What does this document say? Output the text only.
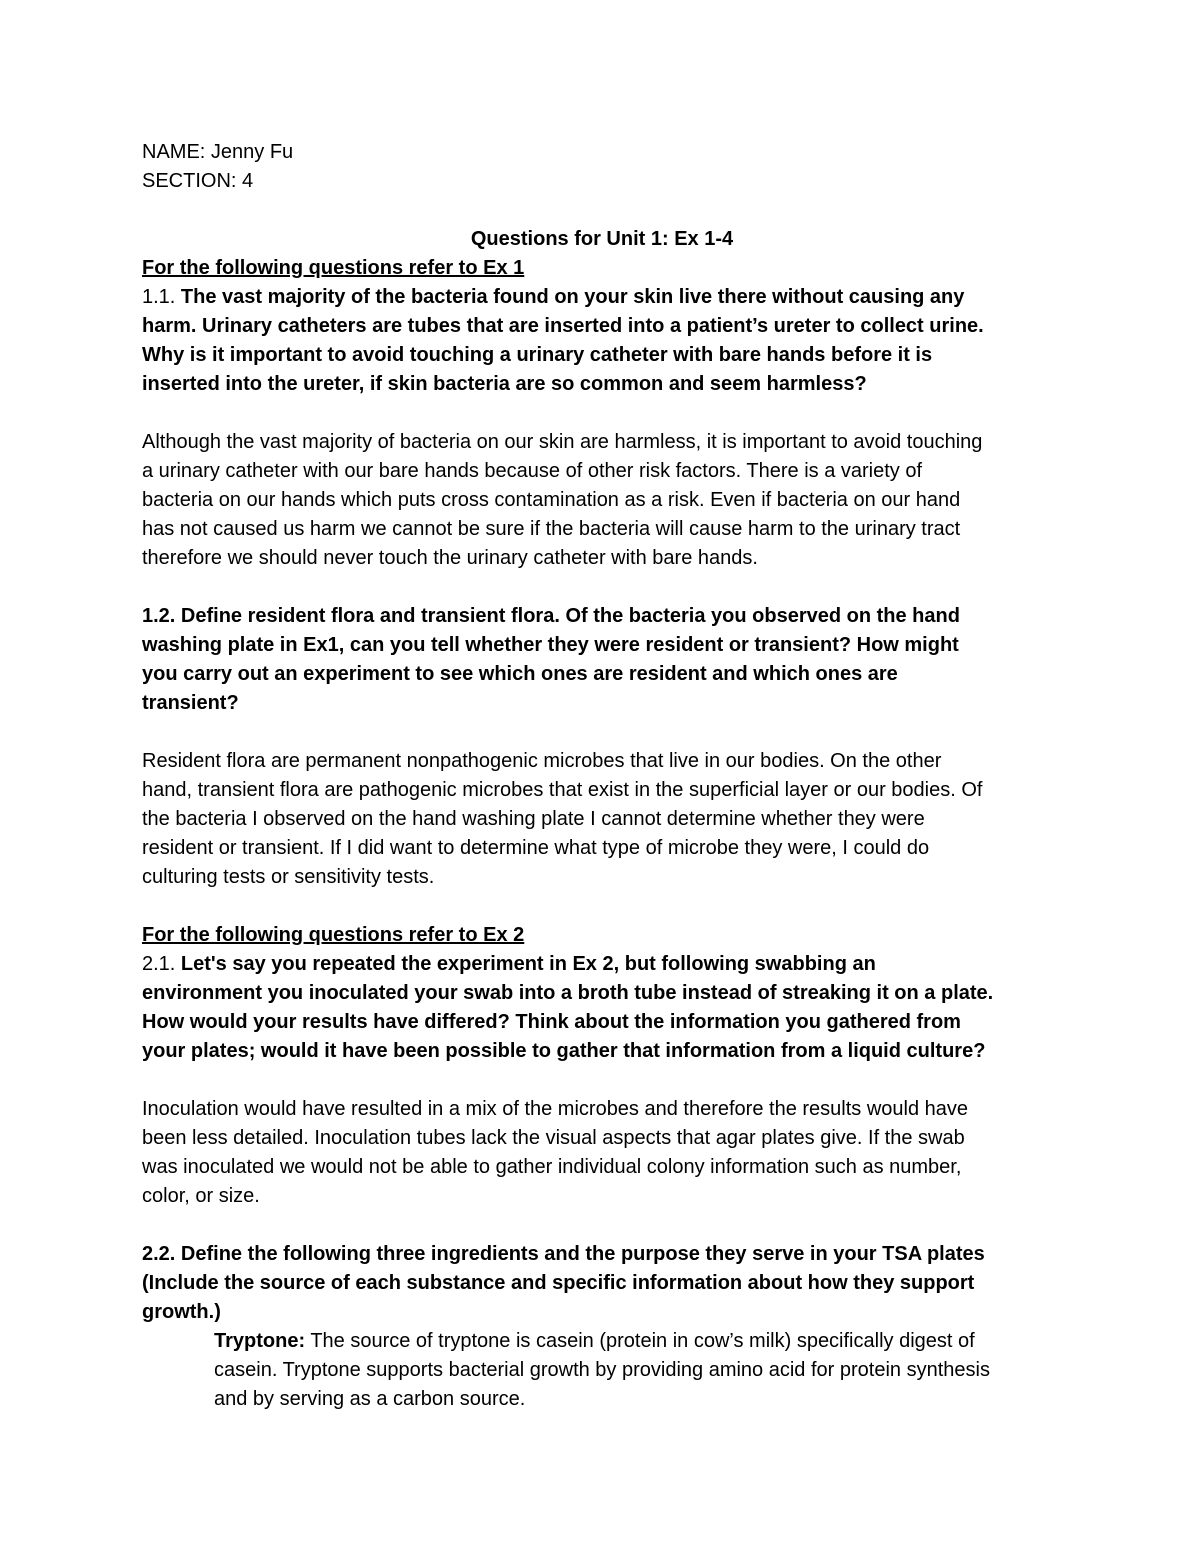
NAME: Jenny Fu
SECTION: 4
Questions for Unit 1: Ex 1-4
For the following questions refer to Ex 1
1.1. The vast majority of the bacteria found on your skin live there without causing any
harm. Urinary catheters are tubes that are inserted into a patient’s ureter to collect urine.
Why is it important to avoid touching a urinary catheter with bare hands before it is
inserted into the ureter, if skin bacteria are so common and seem harmless?
Although the vast majority of bacteria on our skin are harmless, it is important to avoid touching
a urinary catheter with our bare hands because of other risk factors. There is a variety of
bacteria on our hands which puts cross contamination as a risk. Even if bacteria on our hand
has not caused us harm we cannot be sure if the bacteria will cause harm to the urinary tract
therefore we should never touch the urinary catheter with bare hands.
1.2. Define resident flora and transient flora. Of the bacteria you observed on the hand
washing plate in Ex1, can you tell whether they were resident or transient? How might
you carry out an experiment to see which ones are resident and which ones are
transient?
Resident flora are permanent nonpathogenic microbes that live in our bodies. On the other
hand, transient flora are pathogenic microbes that exist in the superficial layer or our bodies. Of
the bacteria I observed on the hand washing plate I cannot determine whether they were
resident or transient. If I did want to determine what type of microbe they were, I could do
culturing tests or sensitivity tests.
For the following questions refer to Ex 2
2.1. Let's say you repeated the experiment in Ex 2, but following swabbing an
environment you inoculated your swab into a broth tube instead of streaking it on a plate.
How would your results have differed? Think about the information you gathered from
your plates; would it have been possible to gather that information from a liquid culture?
Inoculation would have resulted in a mix of the microbes and therefore the results would have
been less detailed. Inoculation tubes lack the visual aspects that agar plates give. If the swab
was inoculated we would not be able to gather individual colony information such as number,
color, or size.
2.2. Define the following three ingredients and the purpose they serve in your TSA plates
(Include the source of each substance and specific information about how they support
growth.)
Tryptone: The source of tryptone is casein (protein in cow’s milk) specifically digest of
casein. Tryptone supports bacterial growth by providing amino acid for protein synthesis
and by serving as a carbon source.
